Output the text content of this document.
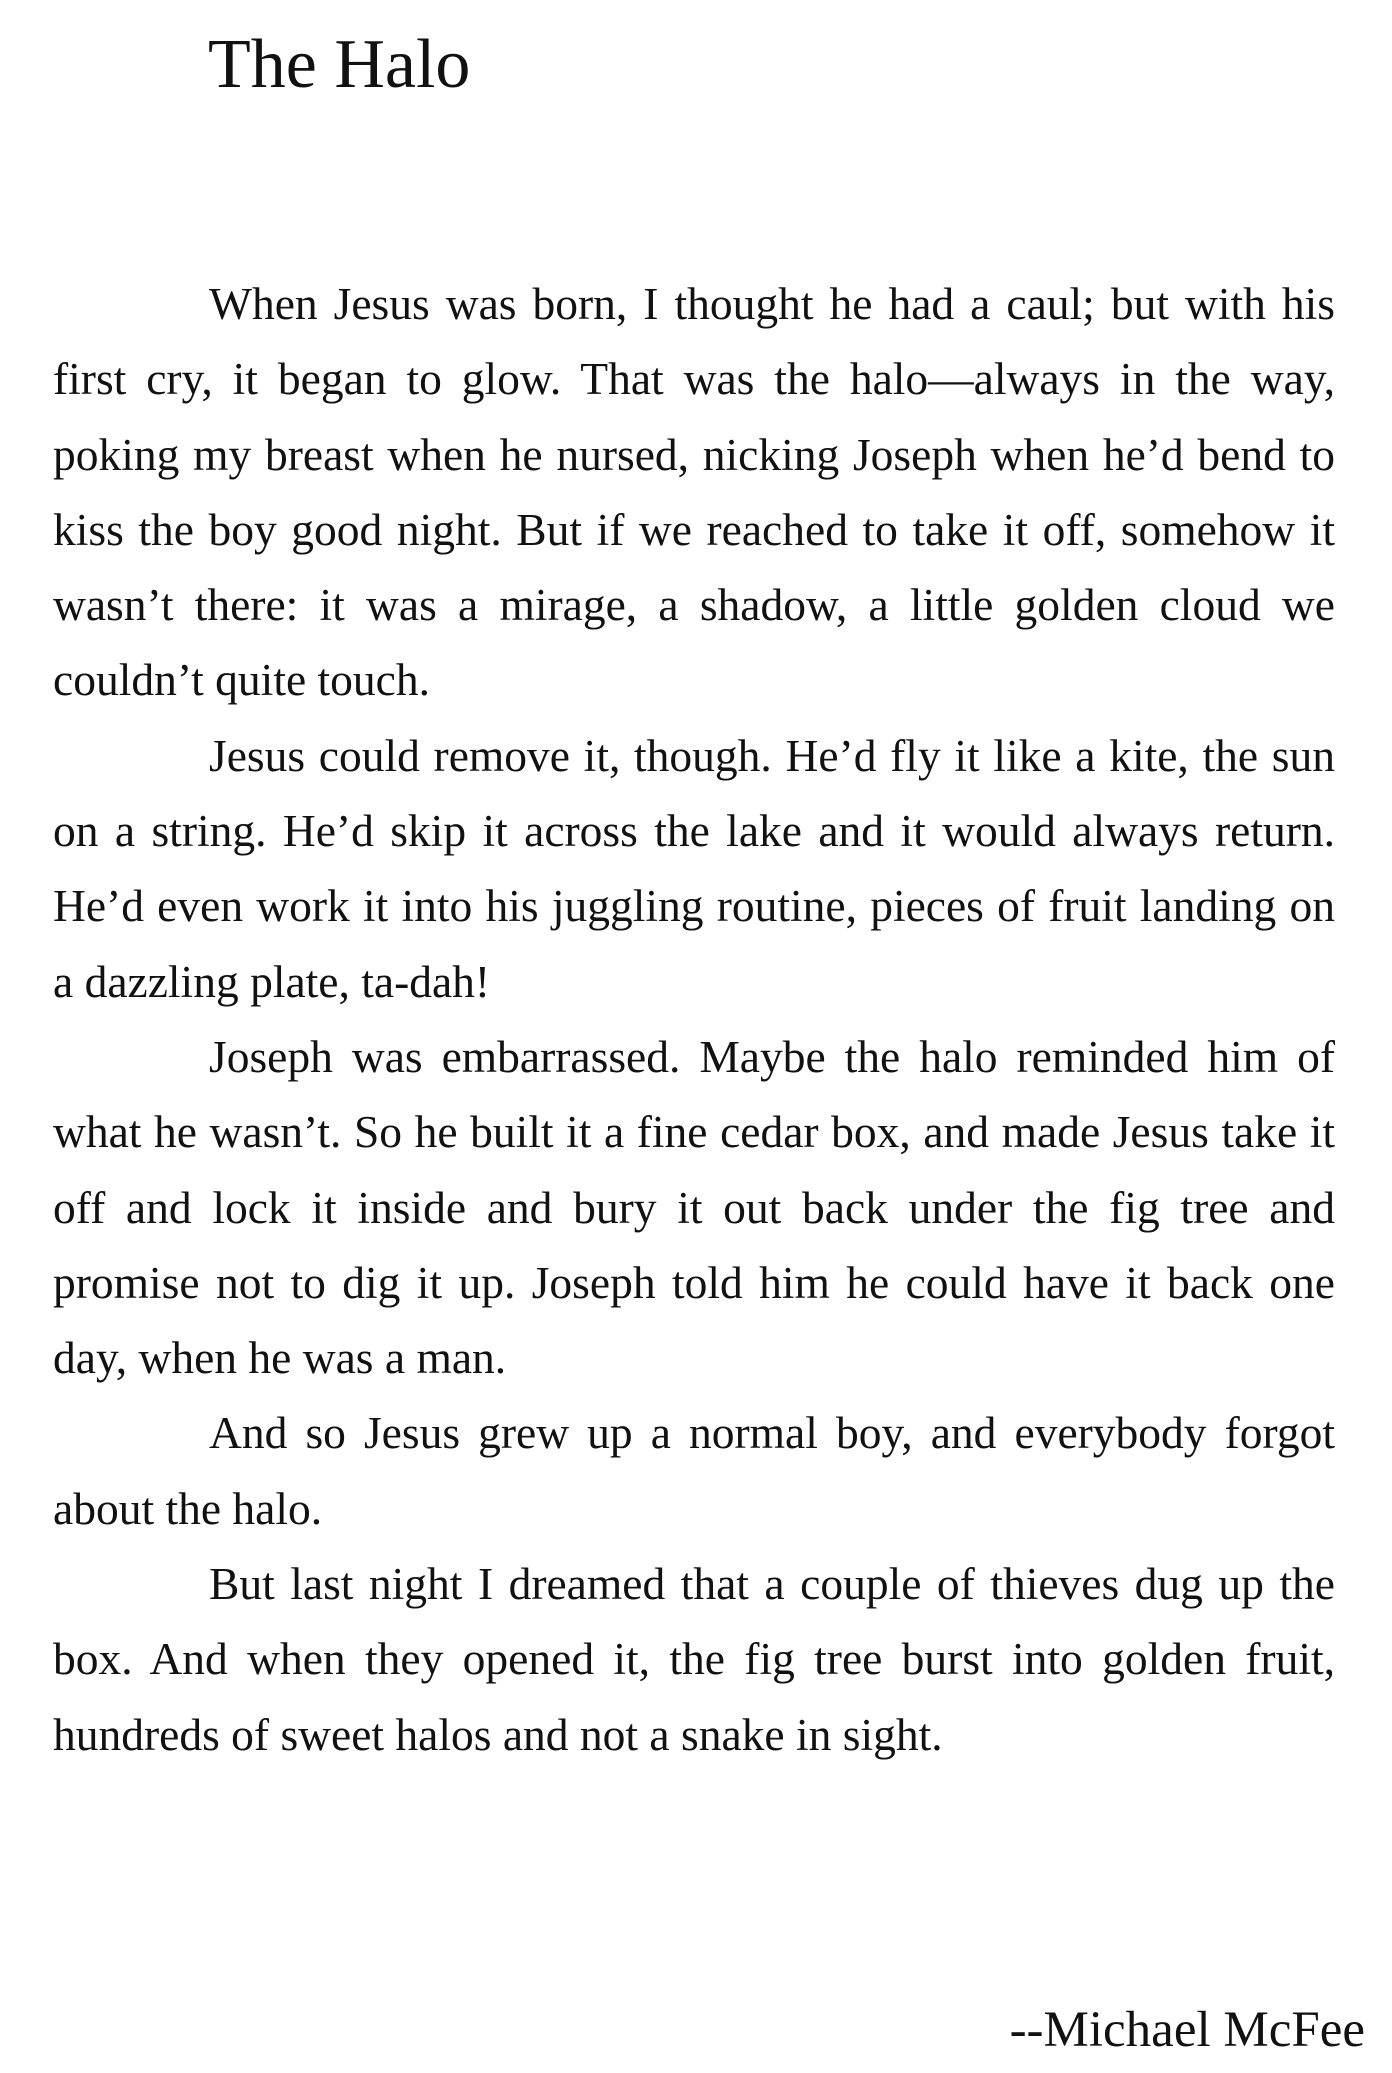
The Halo

When Jesus was born, I thought he had a caul; but with his first cry, it began to glow. That was the halo—always in the way, poking my breast when he nursed, nicking Joseph when he’d bend to kiss the boy good night. But if we reached to take it off, somehow it wasn’t there: it was a mirage, a shadow, a little golden cloud we couldn’t quite touch.

Jesus could remove it, though. He’d fly it like a kite, the sun on a string. He’d skip it across the lake and it would always return. He’d even work it into his juggling routine, pieces of fruit landing on a dazzling plate, ta-dah!

Joseph was embarrassed. Maybe the halo reminded him of what he wasn’t. So he built it a fine cedar box, and made Jesus take it off and lock it inside and bury it out back under the fig tree and promise not to dig it up. Joseph told him he could have it back one day, when he was a man.

And so Jesus grew up a normal boy, and everybody forgot about the halo.

But last night I dreamed that a couple of thieves dug up the box. And when they opened it, the fig tree burst into golden fruit, hundreds of sweet halos and not a snake in sight.

--Michael McFee
